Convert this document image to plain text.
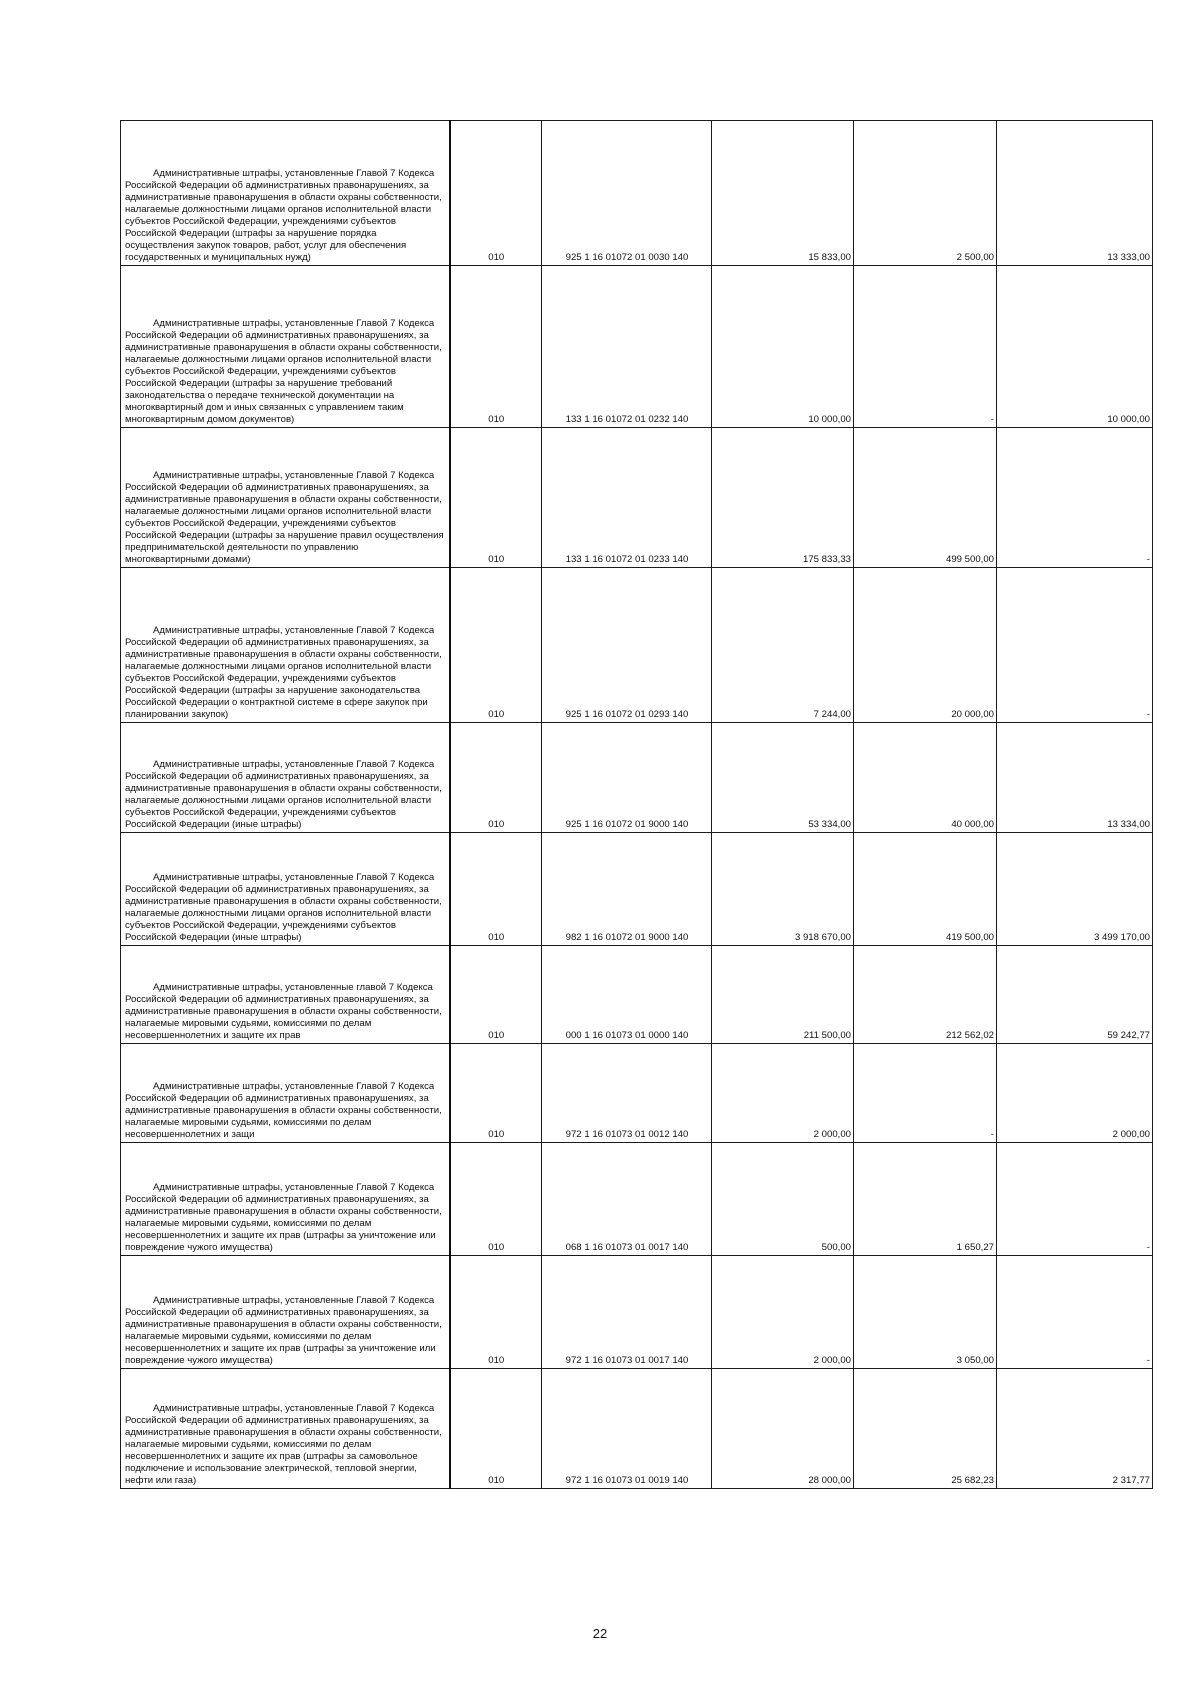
Административные штрафы, установленные Главой 7 Кодекса Российской Федерации об административных правонарушениях, за административные правонарушения в области охраны собственности, налагаемые должностными лицами органов исполнительной власти субъектов Российской Федерации, учреждениями субъектов Российской Федерации (штрафы за нарушение порядка осуществления закупок товаров, работ, услуг для обеспечения государственных и муниципальных нужд)	010	925 1 16 01072 01 0030 140	15 833,00	2 500,00	13 333,00

Административные штрафы, установленные Главой 7 Кодекса Российской Федерации об административных правонарушениях, за административные правонарушения в области охраны собственности, налагаемые должностными лицами органов исполнительной власти субъектов Российской Федерации, учреждениями субъектов Российской Федерации (штрафы за нарушение требований законодательства о передаче технической документации на многоквартирный дом и иных связанных с управлением таким многоквартирным домом документов)	010	133 1 16 01072 01 0232 140	10 000,00	-	10 000,00

Административные штрафы, установленные Главой 7 Кодекса Российской Федерации об административных правонарушениях, за административные правонарушения в области охраны собственности, налагаемые должностными лицами органов исполнительной власти субъектов Российской Федерации, учреждениями субъектов Российской Федерации (штрафы за нарушение правил осуществления предпринимательской деятельности по управлению многоквартирными домами)	010	133 1 16 01072 01 0233 140	175 833,33	499 500,00	-

Административные штрафы, установленные Главой 7 Кодекса Российской Федерации об административных правонарушениях, за административные правонарушения в области охраны собственности, налагаемые должностными лицами органов исполнительной власти субъектов Российской Федерации, учреждениями субъектов Российской Федерации (штрафы за нарушение законодательства Российской Федерации о контрактной системе в сфере закупок при планировании закупок)	010	925 1 16 01072 01 0293 140	7 244,00	20 000,00	-

Административные штрафы, установленные Главой 7 Кодекса Российской Федерации об административных правонарушениях, за административные правонарушения в области охраны собственности, налагаемые должностными лицами органов исполнительной власти субъектов Российской Федерации, учреждениями субъектов Российской Федерации (иные штрафы)	010	925 1 16 01072 01 9000 140	53 334,00	40 000,00	13 334,00

Административные штрафы, установленные Главой 7 Кодекса Российской Федерации об административных правонарушениях, за административные правонарушения в области охраны собственности, налагаемые должностными лицами органов исполнительной власти субъектов Российской Федерации, учреждениями субъектов Российской Федерации (иные штрафы)	010	982 1 16 01072 01 9000 140	3 918 670,00	419 500,00	3 499 170,00

Административные штрафы, установленные главой 7 Кодекса Российской Федерации об административных правонарушениях, за административные правонарушения в области охраны собственности, налагаемые мировыми судьями, комиссиями по делам несовершеннолетних и защите их прав	010	000 1 16 01073 01 0000 140	211 500,00	212 562,02	59 242,77

Административные штрафы, установленные Главой 7 Кодекса Российской Федерации об административных правонарушениях, за административные правонарушения в области охраны собственности, налагаемые мировыми судьями, комиссиями по делам несовершеннолетних и защи	010	972 1 16 01073 01 0012 140	2 000,00	-	2 000,00

Административные штрафы, установленные Главой 7 Кодекса Российской Федерации об административных правонарушениях, за административные правонарушения в области охраны собственности, налагаемые мировыми судьями, комиссиями по делам несовершеннолетних и защите их прав (штрафы за уничтожение или повреждение чужого имущества)	010	068 1 16 01073 01 0017 140	500,00	1 650,27	-

Административные штрафы, установленные Главой 7 Кодекса Российской Федерации об административных правонарушениях, за административные правонарушения в области охраны собственности, налагаемые мировыми судьями, комиссиями по делам несовершеннолетних и защите их прав (штрафы за уничтожение или повреждение чужого имущества)	010	972 1 16 01073 01 0017 140	2 000,00	3 050,00	-

Административные штрафы, установленные Главой 7 Кодекса Российской Федерации об административных правонарушениях, за административные правонарушения в области охраны собственности, налагаемые мировыми судьями, комиссиями по делам несовершеннолетних и защите их прав (штрафы за самовольное подключение и использование электрической, тепловой энергии, нефти или газа)	010	972 1 16 01073 01 0019 140	28 000,00	25 682,23	2 317,77
22
